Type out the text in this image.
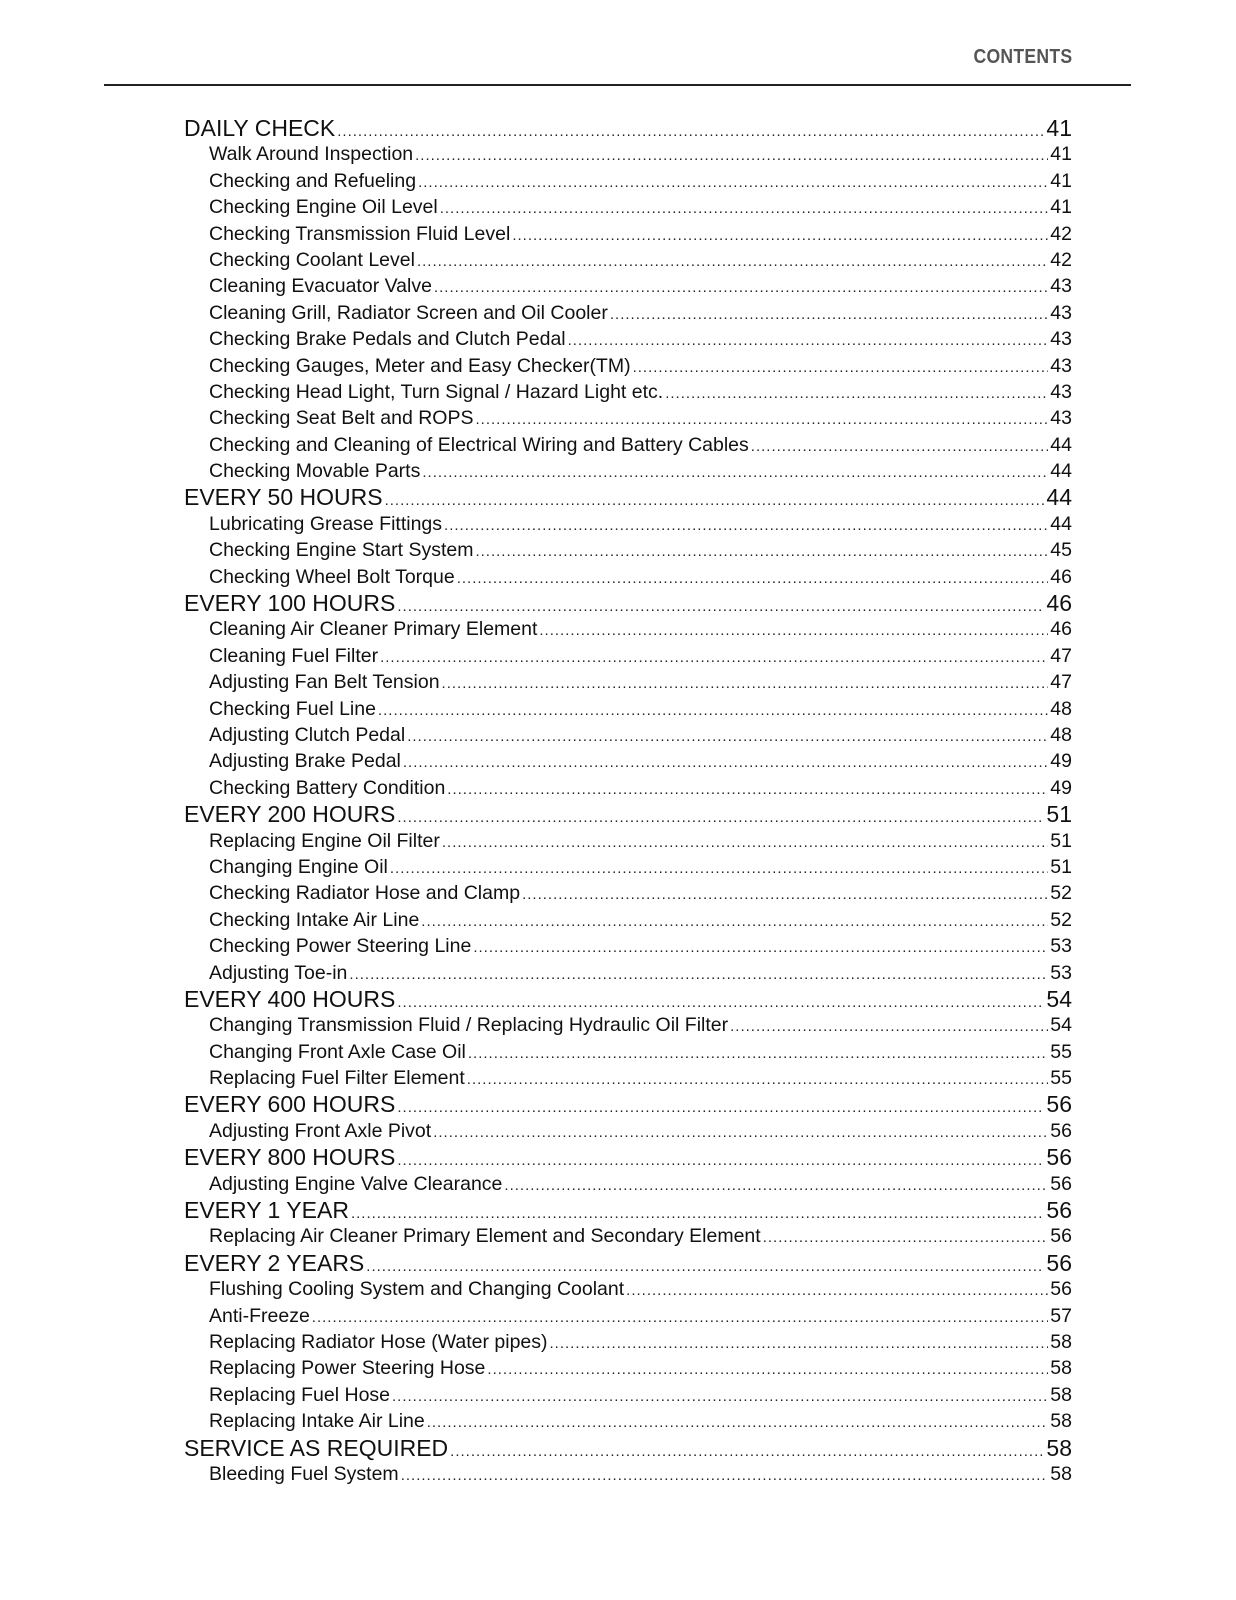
CONTENTS
DAILY CHECK .....	41
Walk Around Inspection .....	41
Checking and Refueling .....	41
Checking Engine Oil Level .....	41
Checking Transmission Fluid Level .....	42
Checking Coolant Level .....	42
Cleaning Evacuator Valve .....	43
Cleaning Grill, Radiator Screen and Oil Cooler .....	43
Checking Brake Pedals and Clutch Pedal .....	43
Checking Gauges, Meter and Easy Checker(TM) .....	43
Checking Head Light, Turn Signal / Hazard Light etc. .....	43
Checking Seat Belt and ROPS .....	43
Checking and Cleaning of Electrical Wiring and Battery Cables .....	44
Checking Movable Parts .....	44
EVERY 50 HOURS .....	44
Lubricating Grease Fittings .....	44
Checking Engine Start System .....	45
Checking Wheel Bolt Torque .....	46
EVERY 100 HOURS .....	46
Cleaning Air Cleaner Primary Element .....	46
Cleaning Fuel Filter .....	47
Adjusting Fan Belt Tension .....	47
Checking Fuel Line .....	48
Adjusting Clutch Pedal .....	48
Adjusting Brake Pedal .....	49
Checking Battery Condition .....	49
EVERY 200 HOURS .....	51
Replacing Engine Oil Filter .....	51
Changing Engine Oil .....	51
Checking Radiator Hose and Clamp .....	52
Checking Intake Air Line .....	52
Checking Power Steering Line .....	53
Adjusting Toe-in .....	53
EVERY 400 HOURS .....	54
Changing Transmission Fluid / Replacing Hydraulic Oil Filter .....	54
Changing Front Axle Case Oil .....	55
Replacing Fuel Filter Element .....	55
EVERY 600 HOURS .....	56
Adjusting Front Axle Pivot .....	56
EVERY 800 HOURS .....	56
Adjusting Engine Valve Clearance .....	56
EVERY 1 YEAR .....	56
Replacing Air Cleaner Primary Element and Secondary Element .....	56
EVERY 2 YEARS .....	56
Flushing Cooling System and Changing Coolant .....	56
Anti-Freeze .....	57
Replacing Radiator Hose (Water pipes) .....	58
Replacing Power Steering Hose .....	58
Replacing Fuel Hose .....	58
Replacing Intake Air Line .....	58
SERVICE AS REQUIRED .....	58
Bleeding Fuel System .....	58
